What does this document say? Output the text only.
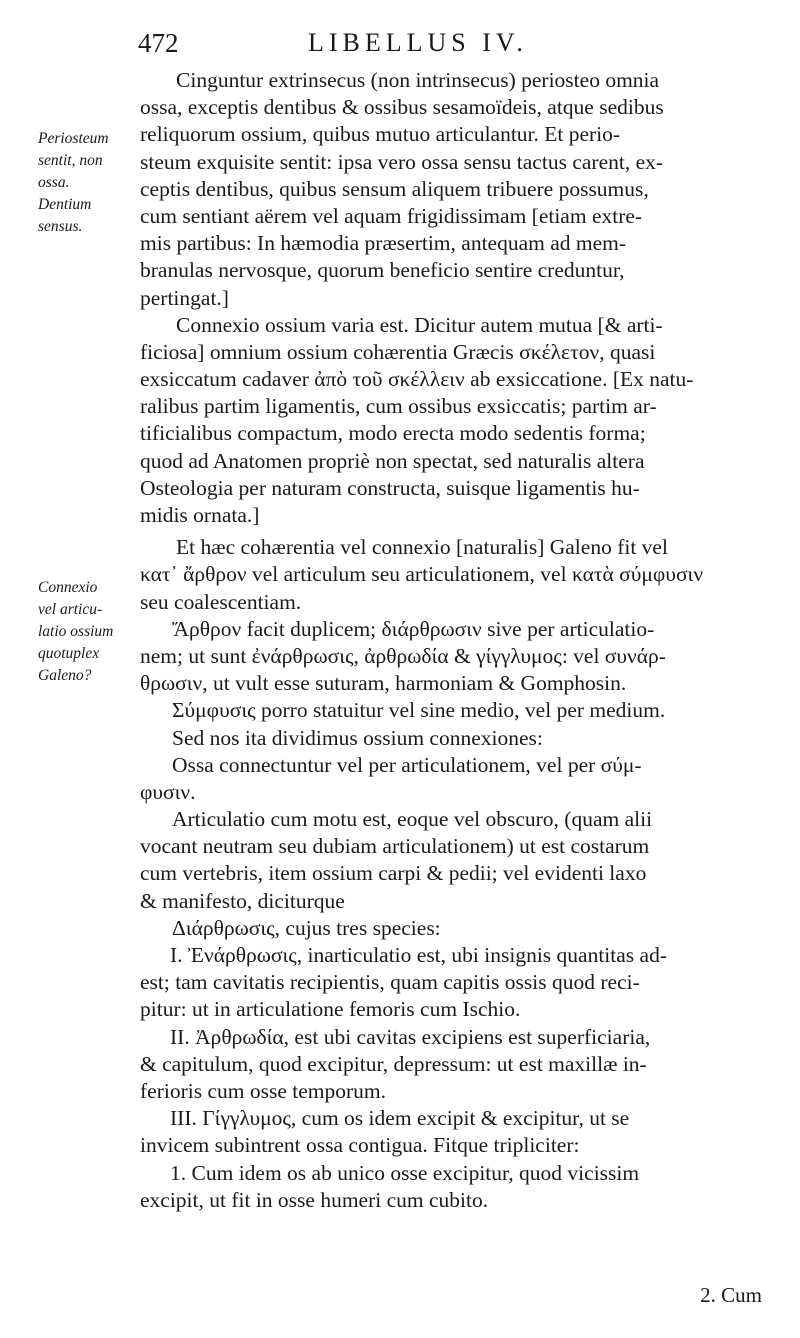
472	LIBELLUS IV.
Periosteum
sentit, non
ossa.
Dentium
sensus.
Connexio
vel articu-
latio ossium
quotuplex
Galeno?
Cinguntur extrinsecus (non intrinsecus) periosteo omnia
ossa, exceptis dentibus & ossibus sesamoïdeis, atque sedibus
reliquorum ossium, quibus mutuo articulantur. Et perio-
steum exquisite sentit: ipsa vero ossa sensu tactus carent, ex-
ceptis dentibus, quibus sensum aliquem tribuere possumus,
cum sentiant aërem vel aquam frigidissimam [etiam extre-
mis partibus: In hæmodia præsertim, antequam ad mem-
branulas nervosque, quorum beneficio sentire creduntur,
pertingat.]
Connexio ossium varia est. Dicitur autem mutua [& arti-
ficiosa] omnium ossium cohærentia Græcis σκέλετον, quasi
exsiccatum cadaver ἀπὸ τοῦ σκέλλειν ab exsiccatione. [Ex natu-
ralibus partim ligamentis, cum ossibus exsiccatis; partim ar-
tificialibus compactum, modo erecta modo sedentis forma;
quod ad Anatomen propriè non spectat, sed naturalis altera
Osteologia per naturam constructa, suisque ligamentis hu-
midis ornata.]
Et hæc cohærentia vel connexio [naturalis] Galeno fit vel
κατ᾽ ἄρθρον vel articulum seu articulationem, vel κατὰ σύμφυσιν
seu coalescentiam.
Ἄρθρον facit duplicem; διάρθρωσιν sive per articulatio-
nem; ut sunt ἐνάρθρωσις, ἀρθρωδία & γίγγλυμος: vel συνάρ-
θρωσιν, ut vult esse suturam, harmoniam & Gomphosin.
Σύμφυσις porro statuitur vel sine medio, vel per medium.
Sed nos ita dividimus ossium connexiones:
Ossa connectuntur vel per articulationem, vel per σύμ-
φυσιν.
Articulatio cum motu est, eoque vel obscuro, (quam alii
vocant neutram seu dubiam articulationem) ut est costarum
cum vertebris, item ossium carpi & pedii; vel evidenti laxo
& manifesto, diciturque
Διάρθρωσις, cujus tres species:
I. Ἐνάρθρωσις, inarticulatio est, ubi insignis quantitas ad-
est; tam cavitatis recipientis, quam capitis ossis quod reci-
pitur: ut in articulatione femoris cum Ischio.
II. Ἀρθρωδία, est ubi cavitas excipiens est superficiaria,
& capitulum, quod excipitur, depressum: ut est maxillæ in-
ferioris cum osse temporum.
III. Γίγγλυμος, cum os idem excipit & excipitur, ut se
invicem subintrent ossa contigua. Fitque tripliciter:
1. Cum idem os ab unico osse excipitur, quod vicissim
excipit, ut fit in osse humeri cum cubito.
2. Cum
